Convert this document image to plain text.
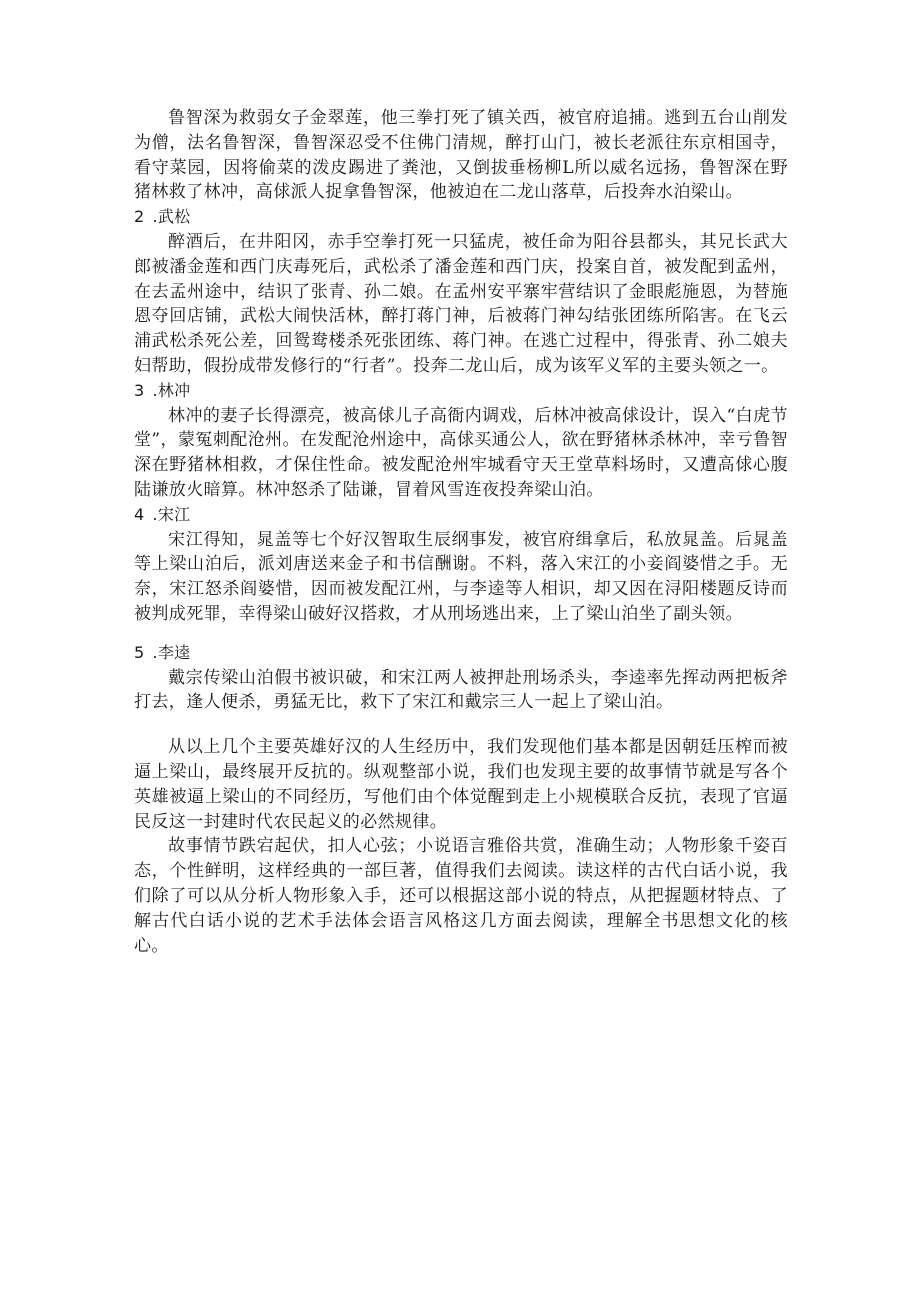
鲁智深为救弱女子金翠莲，他三拳打死了镇关西，被官府追捕。逃到五台山削发为僧，法名鲁智深，鲁智深忍受不住佛门清规，醉打山门，被长老派往东京相国寺，看守菜园，因将偷菜的泼皮踢进了粪池，又倒拔垂杨柳L所以威名远扬，鲁智深在野猪林救了林冲，高俅派人捉拿鲁智深，他被迫在二龙山落草，后投奔水泊梁山。

2 .武松

醉酒后，在井阳冈，赤手空拳打死一只猛虎，被任命为阳谷县都头，其兄长武大郎被潘金莲和西门庆毒死后，武松杀了潘金莲和西门庆，投案自首，被发配到孟州，在去孟州途中，结识了张青、孙二娘。在孟州安平寨牢营结识了金眼彪施恩，为替施恩夺回店铺，武松大闹快活林，醉打蒋门神，后被蒋门神勾结张团练所陷害。在飞云浦武松杀死公差，回鸳鸯楼杀死张团练、蒋门神。在逃亡过程中，得张青、孙二娘夫妇帮助，假扮成带发修行的“行者”。投奔二龙山后，成为该军义军的主要头领之一。

3 .林冲

林冲的妻子长得漂亮，被高俅儿子高衙内调戏，后林冲被高俅设计，误入“白虎节堂”，蒙冤刺配沧州。在发配沧州途中，高俅买通公人，欲在野猪林杀林冲，幸亏鲁智深在野猪林相救，才保住性命。被发配沧州牢城看守天王堂草料场时，又遭高俅心腹陆谦放火暗算。林冲怒杀了陆谦，冒着风雪连夜投奔梁山泊。

4 .宋江

宋江得知，晁盖等七个好汉智取生辰纲事发，被官府缉拿后，私放晁盖。后晁盖等上梁山泊后，派刘唐送来金子和书信酬谢。不料，落入宋江的小妾阎婆惜之手。无奈，宋江怒杀阎婆惜，因而被发配江州，与李逵等人相识，却又因在浔阳楼题反诗而被判成死罪，幸得梁山破好汉搭救，才从刑场逃出来，上了梁山泊坐了副头领。

5 .李逵

戴宗传梁山泊假书被识破，和宋江两人被押赴刑场杀头，李逵率先挥动两把板斧打去，逢人便杀，勇猛无比，救下了宋江和戴宗三人一起上了梁山泊。

从以上几个主要英雄好汉的人生经历中，我们发现他们基本都是因朝廷压榨而被逼上梁山，最终展开反抗的。纵观整部小说，我们也发现主要的故事情节就是写各个英雄被逼上梁山的不同经历，写他们由个体觉醒到走上小规模联合反抗，表现了官逼民反这一封建时代农民起义的必然规律。

故事情节跌宕起伏，扣人心弦；小说语言雅俗共赏，准确生动；人物形象千姿百态，个性鲜明，这样经典的一部巨著，值得我们去阅读。读这样的古代白话小说，我们除了可以从分析人物形象入手，还可以根据这部小说的特点，从把握题材特点、了解古代白话小说的艺术手法体会语言风格这几方面去阅读，理解全书思想文化的核心。
